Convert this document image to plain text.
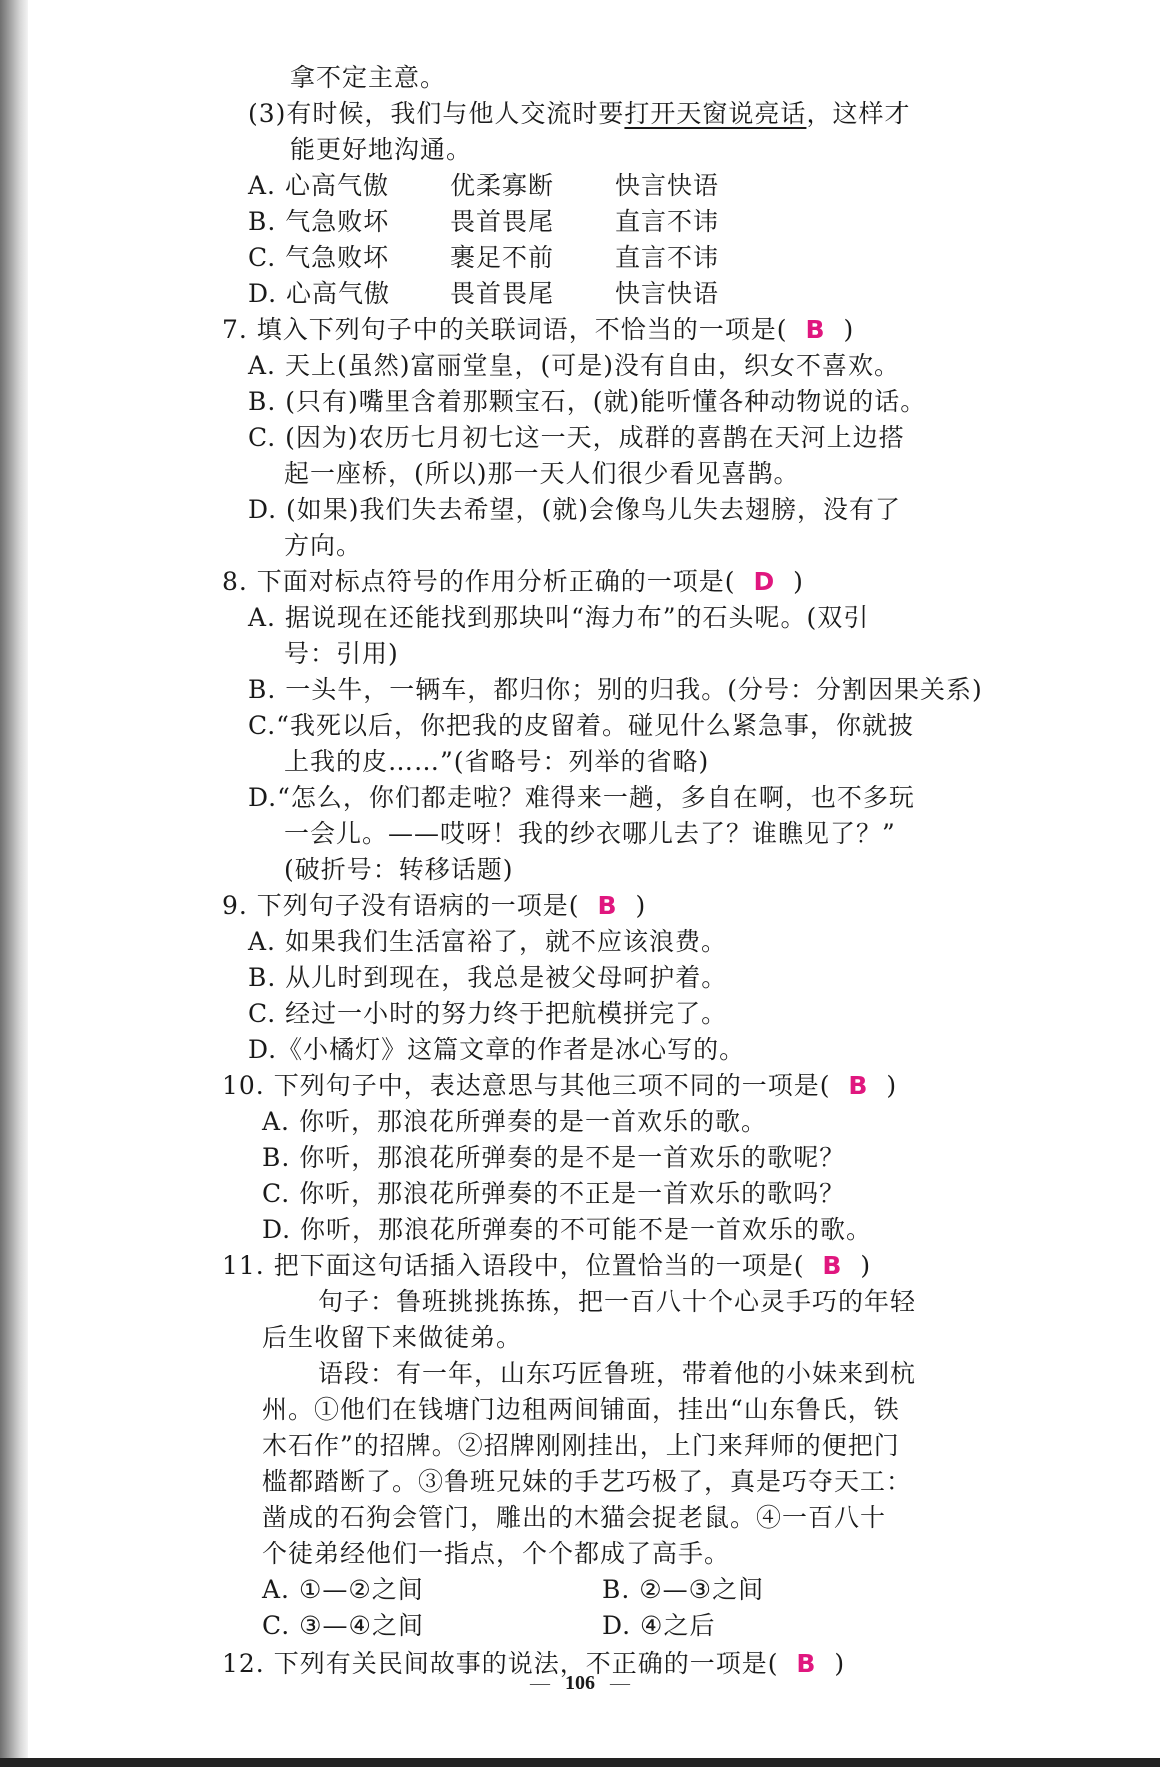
拿不定主意。
(3)有时候，我们与他人交流时要打开天窗说亮话，这样才
能更好地沟通。
A. 心高气傲 优柔寡断 快言快语
B. 气急败坏 畏首畏尾 直言不讳
C. 气急败坏 裹足不前 直言不讳
D. 心高气傲 畏首畏尾 快言快语
7. 填入下列句子中的关联词语，不恰当的一项是( B )
A. 天上(虽然)富丽堂皇，(可是)没有自由，织女不喜欢。
B. (只有)嘴里含着那颗宝石，(就)能听懂各种动物说的话。
C. (因为)农历七月初七这一天，成群的喜鹊在天河上边搭
起一座桥，(所以)那一天人们很少看见喜鹊。
D. (如果)我们失去希望，(就)会像鸟儿失去翅膀，没有了
方向。
8. 下面对标点符号的作用分析正确的一项是( D )
A. 据说现在还能找到那块叫“海力布”的石头呢。(双引
号：引用)
B. 一头牛，一辆车，都归你；别的归我。(分号：分割因果关系)
C.“我死以后，你把我的皮留着。碰见什么紧急事，你就披
上我的皮……”(省略号：列举的省略)
D.“怎么，你们都走啦？难得来一趟，多自在啊，也不多玩
一会儿。——哎呀！我的纱衣哪儿去了？谁瞧见了？”
(破折号：转移话题)
9. 下列句子没有语病的一项是( B )
A. 如果我们生活富裕了，就不应该浪费。
B. 从儿时到现在，我总是被父母呵护着。
C. 经过一小时的努力终于把航模拼完了。
D.《小橘灯》这篇文章的作者是冰心写的。
10. 下列句子中，表达意思与其他三项不同的一项是( B )
A. 你听，那浪花所弹奏的是一首欢乐的歌。
B. 你听，那浪花所弹奏的是不是一首欢乐的歌呢？
C. 你听，那浪花所弹奏的不正是一首欢乐的歌吗？
D. 你听，那浪花所弹奏的不可能不是一首欢乐的歌。
11. 把下面这句话插入语段中，位置恰当的一项是( B )
句子：鲁班挑挑拣拣，把一百八十个心灵手巧的年轻
后生收留下来做徒弟。
语段：有一年，山东巧匠鲁班，带着他的小妹来到杭
州。①他们在钱塘门边租两间铺面，挂出“山东鲁氏，铁
木石作”的招牌。②招牌刚刚挂出，上门来拜师的便把门
槛都踏断了。③鲁班兄妹的手艺巧极了，真是巧夺天工：
凿成的石狗会管门，雕出的木猫会捉老鼠。④一百八十
个徒弟经他们一指点，个个都成了高手。
A. ①—②之间	B. ②—③之间
C. ③—④之间	D. ④之后
12. 下列有关民间故事的说法，不正确的一项是( B )
— 106 —
